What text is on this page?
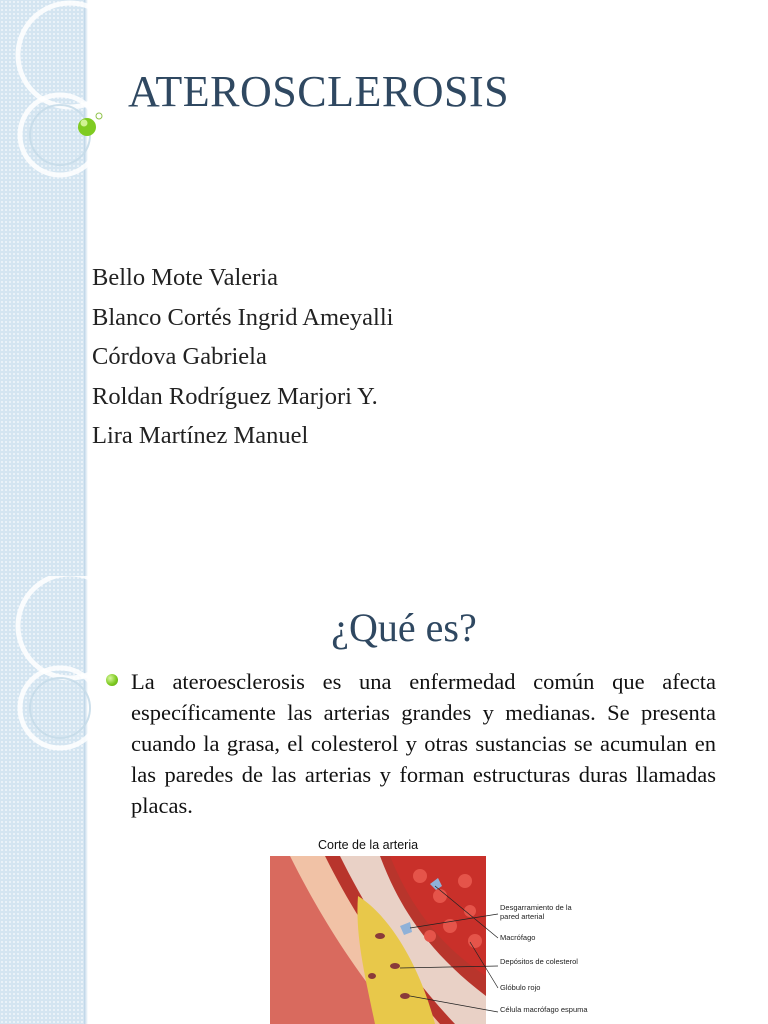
ATEROSCLEROSIS
Bello Mote Valeria
Blanco Cortés Ingrid Ameyalli
Córdova Gabriela
Roldan Rodríguez Marjori Y.
Lira Martínez Manuel
¿Qué es?

La ateroesclerosis es una enfermedad común que afecta específicamente las arterias grandes y medianas. Se presenta cuando la grasa, el colesterol y otras sustancias se acumulan en las paredes de las arterias y forman estructuras duras llamadas placas.

Corte de la arteria
Desgarramiento de la pared arterial
Macrófago
Depósitos de colesterol
Glóbulo rojo
Célula macrófago espuma
